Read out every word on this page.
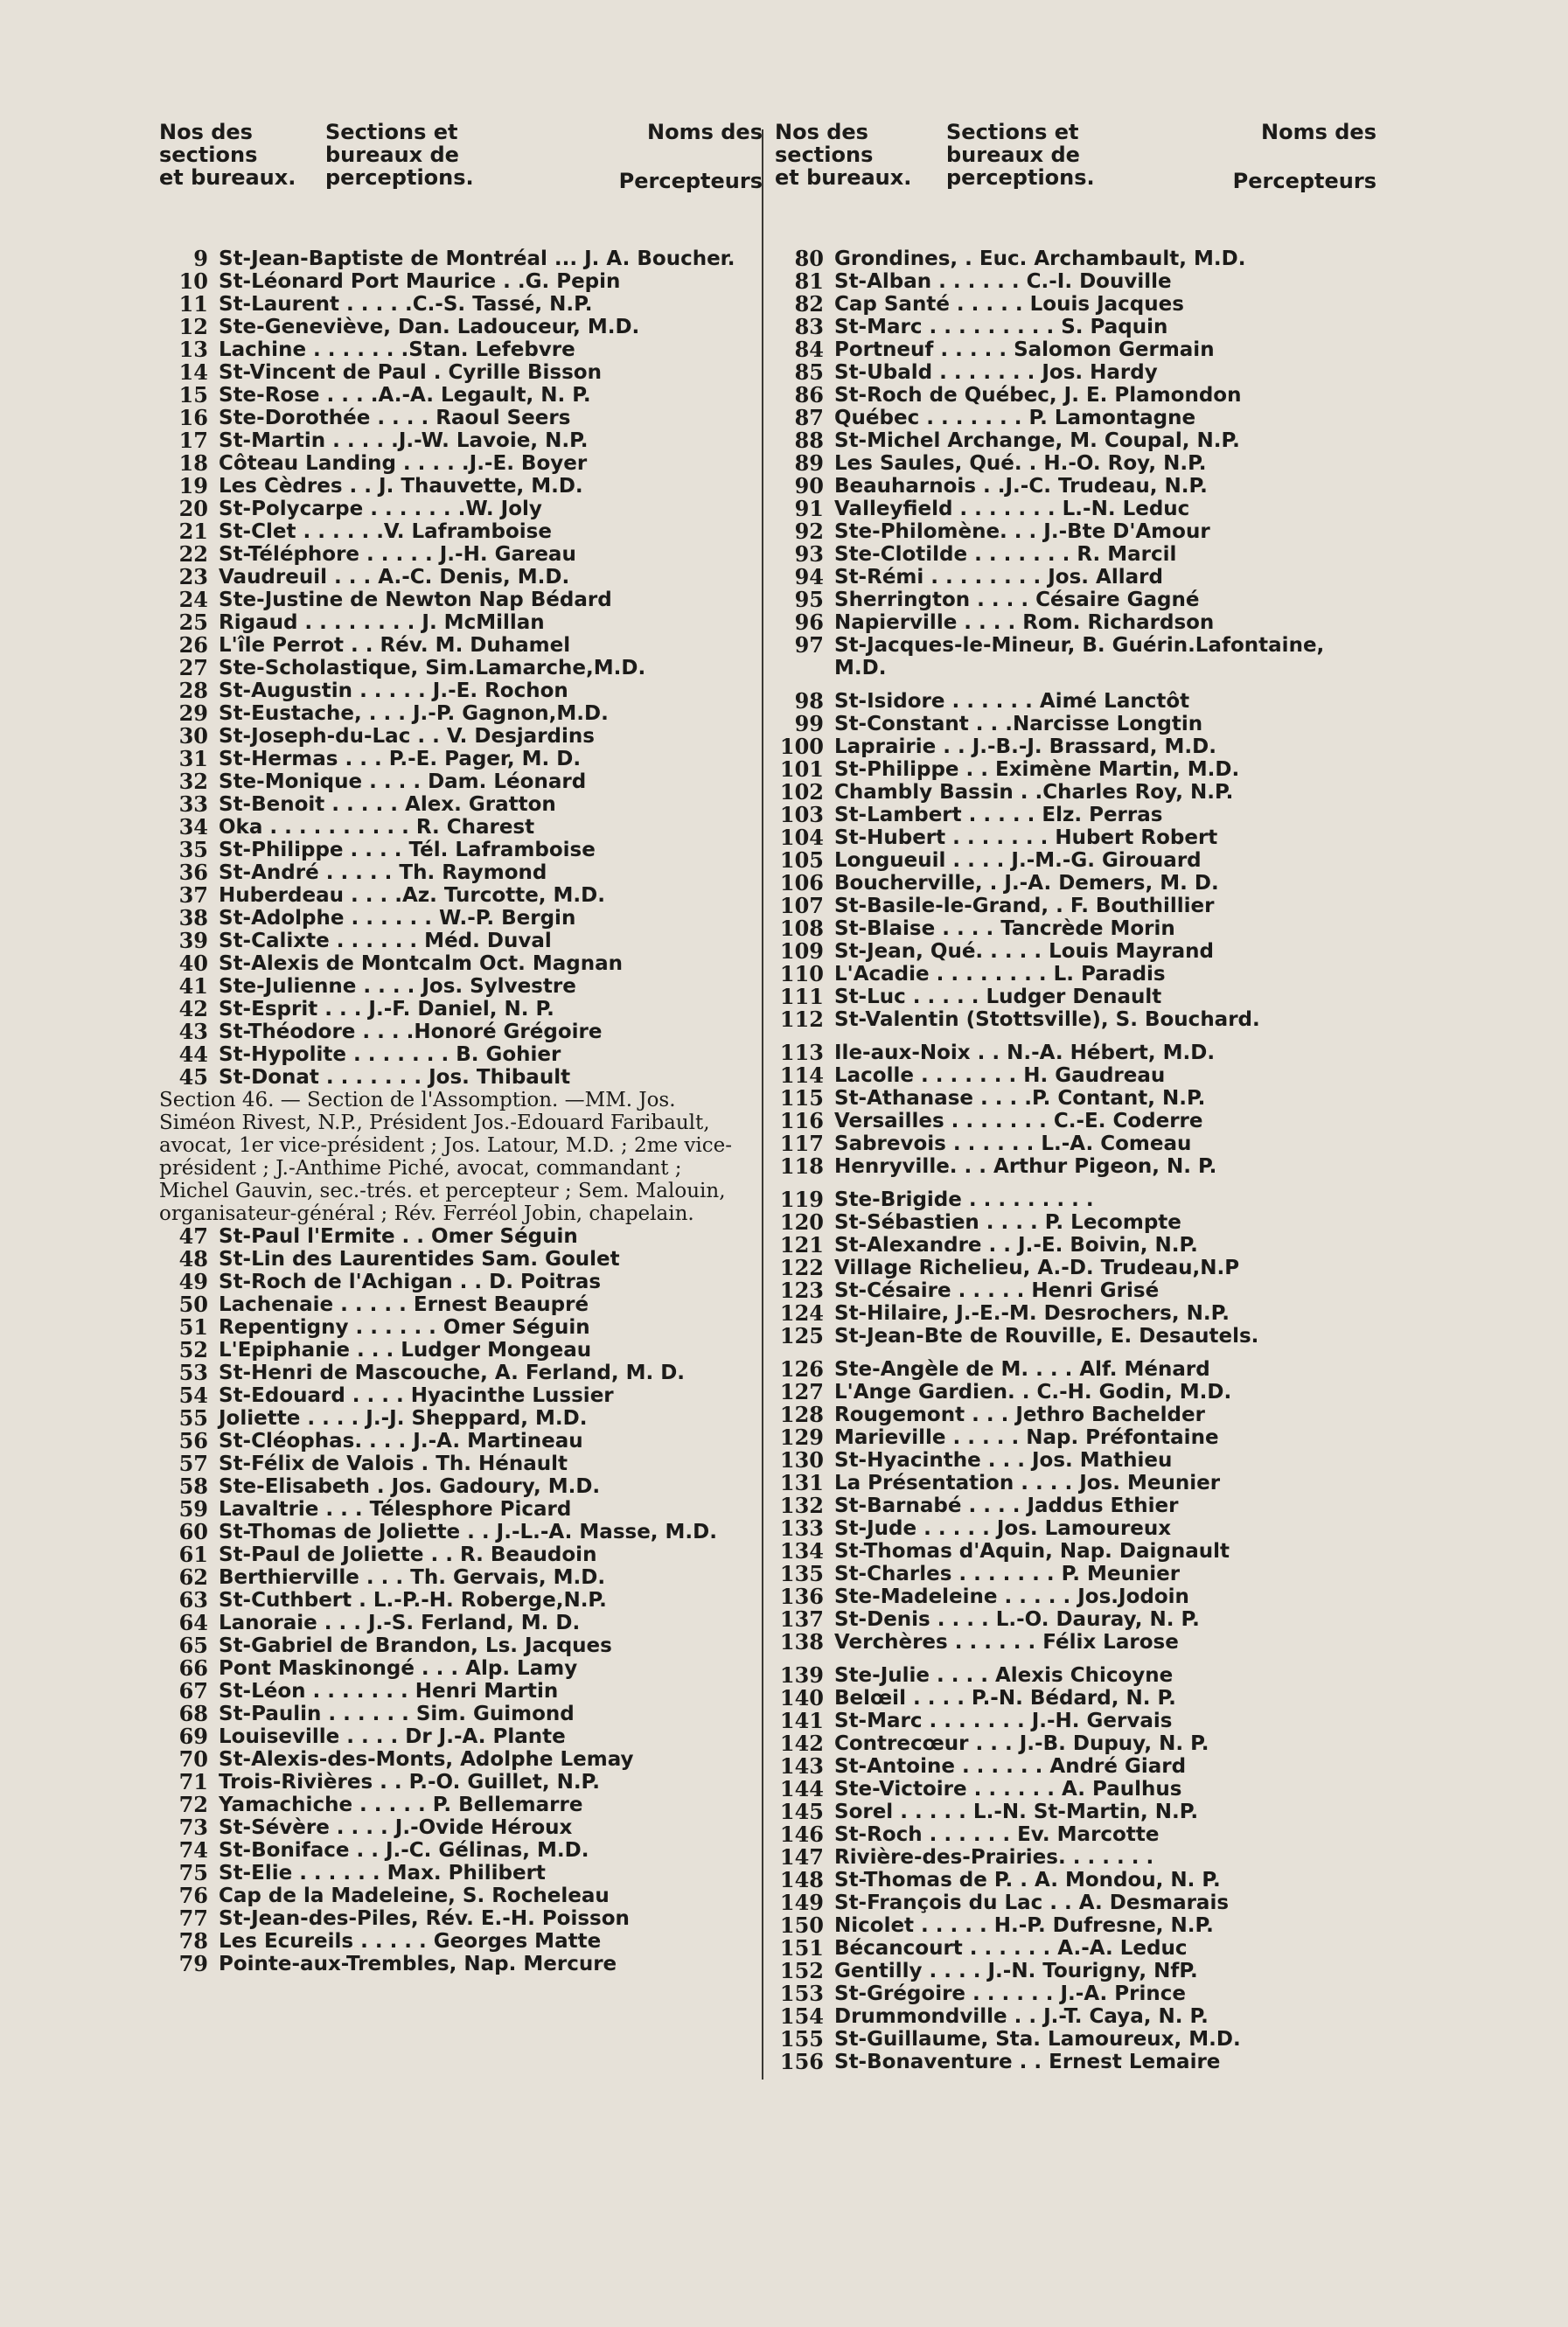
Nos des
sections
et bureaux.
Sections et
bureaux de
perceptions.
Noms des
Percepteurs
9 St-Jean-Baptiste de Montréal ... J. A. Boucher.
10 St-Léonard Port Maurice . .G. Pepin
11 St-Laurent . . . . .C.-S. Tassé, N.P.
12 Ste-Geneviève, Dan. Ladouceur, M.D.
13 Lachine . . . . . . .Stan. Lefebvre
14 St-Vincent de Paul . Cyrille Bisson
15 Ste-Rose . . . .A.-A. Legault, N. P.
16 Ste-Dorothée . . . . Raoul Seers
17 St-Martin . . . . .J.-W. Lavoie, N.P.
18 Côteau Landing . . . . .J.-E. Boyer
19 Les Cèdres . . J. Thauvette, M.D.
20 St-Polycarpe . . . . . . .W. Joly
21 St-Clet . . . . . .V. Laframboise
22 St-Téléphore . . . . . J.-H. Gareau
23 Vaudreuil . . . A.-C. Denis, M.D.
24 Ste-Justine de Newton Nap Bédard
25 Rigaud . . . . . . . . J. McMillan
26 L'île Perrot . . Rév. M. Duhamel
27 Ste-Scholastique, Sim.Lamarche,M.D.
28 St-Augustin . . . . . J.-E. Rochon
29 St-Eustache, . . . J.-P. Gagnon,M.D.
30 St-Joseph-du-Lac . . V. Desjardins
31 St-Hermas . . . P.-E. Pager, M. D.
32 Ste-Monique . . . . Dam. Léonard
33 St-Benoit . . . . . Alex. Gratton
34 Oka . . . . . . . . . . R. Charest
35 St-Philippe . . . . Tél. Laframboise
36 St-André . . . . . Th. Raymond
37 Huberdeau . . . .Az. Turcotte, M.D.
38 St-Adolphe . . . . . . W.-P. Bergin
39 St-Calixte . . . . . . Méd. Duval
40 St-Alexis de Montcalm Oct. Magnan
41 Ste-Julienne . . . . Jos. Sylvestre
42 St-Esprit . . . J.-F. Daniel, N. P.
43 St-Théodore . . . .Honoré Grégoire
44 St-Hypolite . . . . . . . B. Gohier
45 St-Donat . . . . . . . Jos. Thibault
Section 46. — Section de l'Assomption. —MM. Jos. Siméon Rivest, N.P., Président Jos.-Edouard Faribault, avocat, 1er vice-président ; Jos. Latour, M.D. ; 2me vice-président ; J.-Anthime Piché, avocat, commandant ; Michel Gauvin, sec.-trés. et percepteur ; Sem. Malouin, organisateur-général ; Rév. Ferréol Jobin, chapelain.
47 St-Paul l'Ermite . . Omer Séguin
48 St-Lin des Laurentides Sam. Goulet
49 St-Roch de l'Achigan . . D. Poitras
50 Lachenaie . . . . . Ernest Beaupré
51 Repentigny . . . . . . Omer Séguin
52 L'Epiphanie . . . Ludger Mongeau
53 St-Henri de Mascouche, A. Ferland, M. D.
54 St-Edouard . . . . Hyacinthe Lussier
55 Joliette . . . . J.-J. Sheppard, M.D.
56 St-Cléophas. . . . J.-A. Martineau
57 St-Félix de Valois . Th. Hénault
58 Ste-Elisabeth . Jos. Gadoury, M.D.
59 Lavaltrie . . . Télesphore Picard
60 St-Thomas de Joliette . . J.-L.-A. Masse, M.D.
61 St-Paul de Joliette . . R. Beaudoin
62 Berthierville . . . Th. Gervais, M.D.
63 St-Cuthbert . L.-P.-H. Roberge,N.P.
64 Lanoraie . . . J.-S. Ferland, M. D.
65 St-Gabriel de Brandon, Ls. Jacques
66 Pont Maskinongé . . . Alp. Lamy
67 St-Léon . . . . . . . Henri Martin
68 St-Paulin . . . . . . Sim. Guimond
69 Louiseville . . . . Dr J.-A. Plante
70 St-Alexis-des-Monts, Adolphe Lemay
71 Trois-Rivières . . P.-O. Guillet, N.P.
72 Yamachiche . . . . . P. Bellemarre
73 St-Sévère . . . . J.-Ovide Héroux
74 St-Boniface . . J.-C. Gélinas, M.D.
75 St-Elie . . . . . . Max. Philibert
76 Cap de la Madeleine, S. Rocheleau
77 St-Jean-des-Piles, Rév. E.-H. Poisson
78 Les Ecureils . . . . . Georges Matte
79 Pointe-aux-Trembles, Nap. Mercure
Nos des
sections
et bureaux.
Sections et
bureaux de
perceptions.
Noms des
Percepteurs
80 Grondines, . Euc. Archambault, M.D.
81 St-Alban . . . . . . C.-I. Douville
82 Cap Santé . . . . . Louis Jacques
83 St-Marc . . . . . . . . . S. Paquin
84 Portneuf . . . . . Salomon Germain
85 St-Ubald . . . . . . . Jos. Hardy
86 St-Roch de Québec, J. E. Plamondon
87 Québec . . . . . . . P. Lamontagne
88 St-Michel Archange, M. Coupal, N.P.
89 Les Saules, Qué. . H.-O. Roy, N.P.
90 Beauharnois . .J.-C. Trudeau, N.P.
91 Valleyfield . . . . . . . L.-N. Leduc
92 Ste-Philomène. . . J.-Bte D'Amour
93 Ste-Clotilde . . . . . . . R. Marcil
94 St-Rémi . . . . . . . . Jos. Allard
95 Sherrington . . . . Césaire Gagné
96 Napierville . . . . Rom. Richardson
97 St-Jacques-le-Mineur, B. Guérin.Lafontaine, M.D.
98 St-Isidore . . . . . . Aimé Lanctôt
99 St-Constant . . .Narcisse Longtin
100 Laprairie . . J.-B.-J. Brassard, M.D.
101 St-Philippe . . Eximène Martin, M.D.
102 Chambly Bassin . .Charles Roy, N.P.
103 St-Lambert . . . . . Elz. Perras
104 St-Hubert . . . . . . . Hubert Robert
105 Longueuil . . . . J.-M.-G. Girouard
106 Boucherville, . J.-A. Demers, M. D.
107 St-Basile-le-Grand, . F. Bouthillier
108 St-Blaise . . . . Tancrède Morin
109 St-Jean, Qué. . . . . Louis Mayrand
110 L'Acadie . . . . . . . . L. Paradis
111 St-Luc . . . . . Ludger Denault
112 St-Valentin (Stottsville), S. Bouchard.
113 Ile-aux-Noix . . N.-A. Hébert, M.D.
114 Lacolle . . . . . . . H. Gaudreau
115 St-Athanase . . . .P. Contant, N.P.
116 Versailles . . . . . . . C.-E. Coderre
117 Sabrevois . . . . . . L.-A. Comeau
118 Henryville. . . Arthur Pigeon, N. P.
119 Ste-Brigide . . . . . . . . .
120 St-Sébastien . . . . P. Lecompte
121 St-Alexandre . . J.-E. Boivin, N.P.
122 Village Richelieu, A.-D. Trudeau,N.P
123 St-Césaire . . . . . Henri Grisé
124 St-Hilaire, J.-E.-M. Desrochers, N.P.
125 St-Jean-Bte de Rouville, E. Desautels.
126 Ste-Angèle de M. . . . Alf. Ménard
127 L'Ange Gardien. . C.-H. Godin, M.D.
128 Rougemont . . . Jethro Bachelder
129 Marieville . . . . . Nap. Préfontaine
130 St-Hyacinthe . . . Jos. Mathieu
131 La Présentation . . . . Jos. Meunier
132 St-Barnabé . . . . Jaddus Ethier
133 St-Jude . . . . . Jos. Lamoureux
134 St-Thomas d'Aquin, Nap. Daignault
135 St-Charles . . . . . . . P. Meunier
136 Ste-Madeleine . . . . . Jos.Jodoin
137 St-Denis . . . . L.-O. Dauray, N. P.
138 Verchères . . . . . . Félix Larose
139 Ste-Julie . . . . Alexis Chicoyne
140 Belœil . . . . P.-N. Bédard, N. P.
141 St-Marc . . . . . . . J.-H. Gervais
142 Contrecœur . . . J.-B. Dupuy, N. P.
143 St-Antoine . . . . . . André Giard
144 Ste-Victoire . . . . . . A. Paulhus
145 Sorel . . . . . L.-N. St-Martin, N.P.
146 St-Roch . . . . . . Ev. Marcotte
147 Rivière-des-Prairies. . . . . . .
148 St-Thomas de P. . A. Mondou, N. P.
149 St-François du Lac . . A. Desmarais
150 Nicolet . . . . . H.-P. Dufresne, N.P.
151 Bécancourt . . . . . . A.-A. Leduc
152 Gentilly . . . . J.-N. Tourigny, NfP.
153 St-Grégoire . . . . . . J.-A. Prince
154 Drummondville . . J.-T. Caya, N. P.
155 St-Guillaume, Sta. Lamoureux, M.D.
156 St-Bonaventure . . Ernest Lemaire
